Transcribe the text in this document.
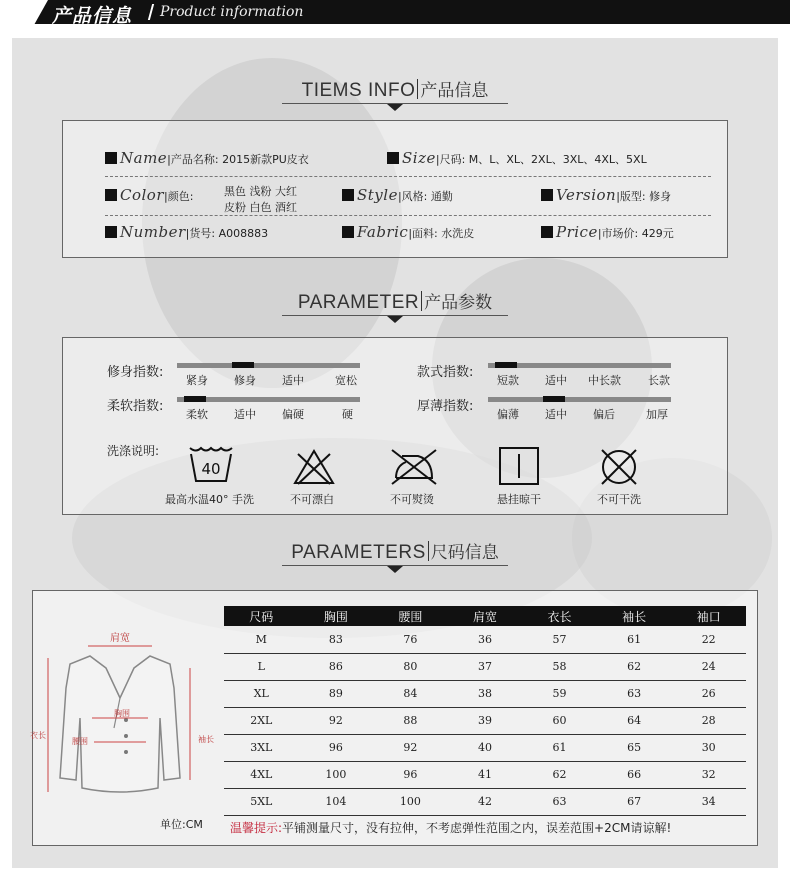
产品信息 Product information
TIEMS INFO 产品信息
Name|产品名称: 2015新款PU皮衣	Size|尺码: M、L、XL、2XL、3XL、4XL、5XL
Color|颜色:	黑色 浅粉 大红
皮粉 白色 酒红
Style|风格: 通勤	Version|版型: 修身
Number|货号: A008883	Fabric|面料: 水洗皮	Price|市场价: 429元
PARAMETER 产品参数
修身指数:
紧身 修身 适中	宽松
款式指数:
短款 适中 中长款 长款
柔软指数:
柔软 适中 偏硬	硬
厚薄指数:
偏薄 适中 偏后	加厚
洗涤说明:
40
最高水温40° 手洗	不可漂白	不可熨烫	悬挂晾干	不可干洗
PARAMETERS 尺码信息
肩宽
胸围
腰围
衣长	袖长
尺码	胸围	腰围	肩宽	衣长	袖长	袖口
M	83	76	36	57	61	22
L	86	80	37	58	62	24
XL	89	84	38	59	63	26
2XL	92	88	39	60	64	28
3XL	96	92	40	61	65	30
4XL	100	96	41	62	66	32
5XL	104	100	42	63	67	34
单位:CM 温馨提示:平铺测量尺寸，没有拉伸，不考虑弹性范围之内，误差范围+2CM请谅解!
